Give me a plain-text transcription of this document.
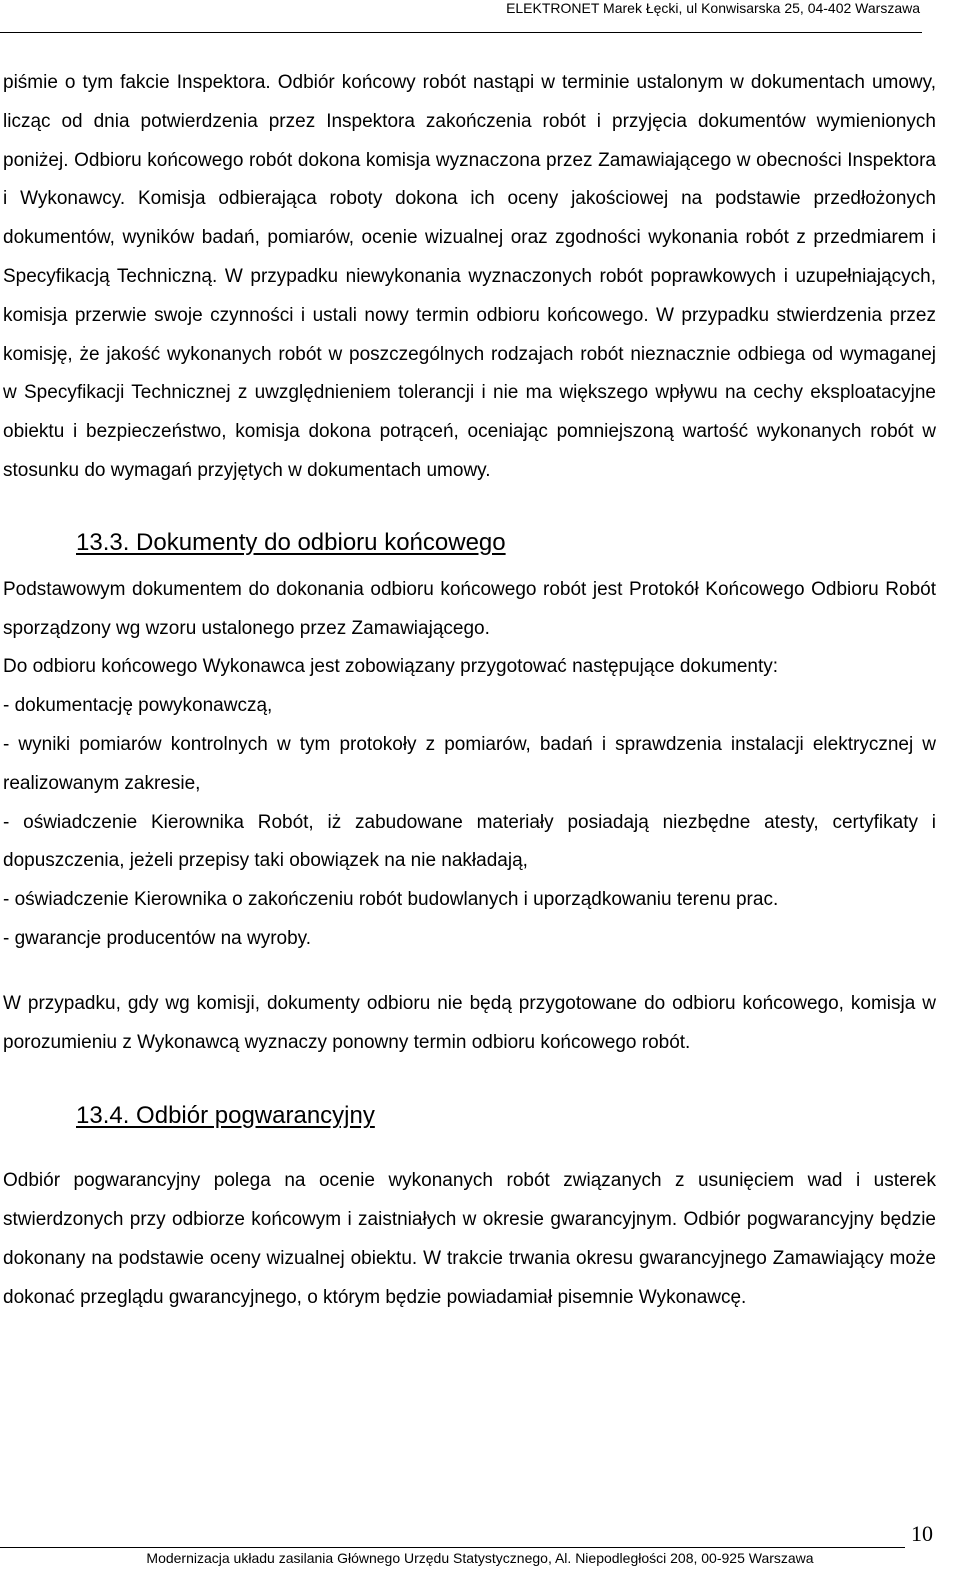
ELEKTRONET Marek Łęcki, ul Konwisarska 25, 04-402 Warszawa

piśmie o tym fakcie Inspektora. Odbiór końcowy robót nastąpi w terminie ustalonym w dokumentach umowy, licząc od dnia potwierdzenia przez Inspektora zakończenia robót i przyjęcia dokumentów wymienionych poniżej. Odbioru końcowego robót dokona komisja wyznaczona przez Zamawiającego w obecności Inspektora i Wykonawcy. Komisja odbierająca roboty dokona ich oceny jakościowej na podstawie przedłożonych dokumentów, wyników badań, pomiarów, ocenie wizualnej oraz zgodności wykonania robót z przedmiarem i Specyfikacją Techniczną. W przypadku niewykonania wyznaczonych robót poprawkowych i uzupełniających, komisja przerwie swoje czynności i ustali nowy termin odbioru końcowego. W przypadku stwierdzenia przez komisję, że jakość wykonanych robót w poszczególnych rodzajach robót nieznacznie odbiega od wymaganej w Specyfikacji Technicznej z uwzględnieniem tolerancji i nie ma większego wpływu na cechy eksploatacyjne obiektu i bezpieczeństwo, komisja dokona potrąceń, oceniając pomniejszoną wartość wykonanych robót w stosunku do wymagań przyjętych w dokumentach umowy.

13.3. Dokumenty do odbioru końcowego

Podstawowym dokumentem do dokonania odbioru końcowego robót jest Protokół Końcowego Odbioru Robót sporządzony wg wzoru ustalonego przez Zamawiającego.

Do odbioru końcowego Wykonawca jest zobowiązany przygotować następujące dokumenty:

- dokumentację powykonawczą,

- wyniki pomiarów kontrolnych w tym protokoły z pomiarów, badań i sprawdzenia instalacji elektrycznej w realizowanym zakresie,

- oświadczenie Kierownika Robót, iż zabudowane materiały posiadają niezbędne atesty, certyfikaty i dopuszczenia, jeżeli przepisy taki obowiązek na nie nakładają,

- oświadczenie Kierownika o zakończeniu robót budowlanych i uporządkowaniu terenu prac.

- gwarancje producentów na wyroby.

W przypadku, gdy wg komisji, dokumenty odbioru nie będą przygotowane do odbioru końcowego, komisja w porozumieniu z Wykonawcą wyznaczy ponowny termin odbioru końcowego robót.

13.4. Odbiór pogwarancyjny

Odbiór pogwarancyjny polega na ocenie wykonanych robót związanych z usunięciem wad i usterek stwierdzonych przy odbiorze końcowym i zaistniałych w okresie gwarancyjnym. Odbiór pogwarancyjny będzie dokonany na podstawie oceny wizualnej obiektu. W trakcie trwania okresu gwarancyjnego Zamawiający może dokonać przeglądu gwarancyjnego, o którym będzie powiadamiał pisemnie Wykonawcę.

10
Modernizacja układu zasilania Głównego Urzędu Statystycznego, Al. Niepodległości 208, 00-925 Warszawa
